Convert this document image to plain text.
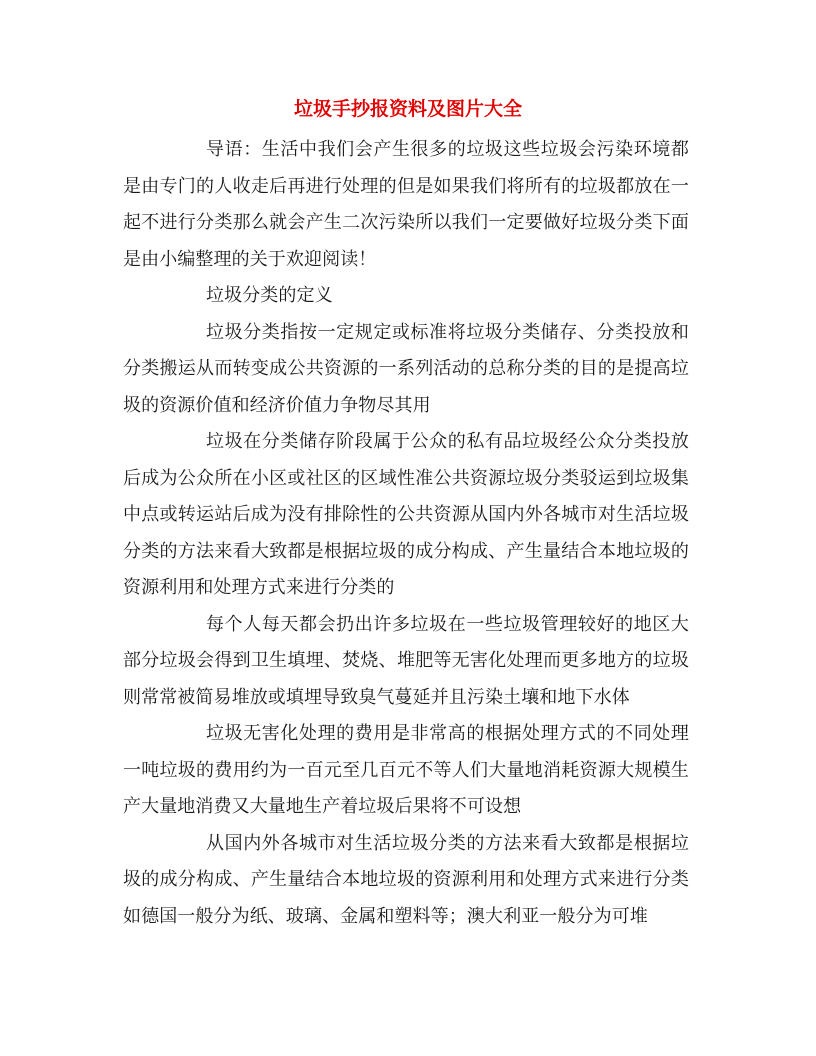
垃圾手抄报资料及图片大全

导语：生活中我们会产生很多的垃圾这些垃圾会污染环境都是由专门的人收走后再进行处理的但是如果我们将所有的垃圾都放在一起不进行分类那么就会产生二次污染所以我们一定要做好垃圾分类下面是由小编整理的关于欢迎阅读！

垃圾分类的定义

垃圾分类指按一定规定或标准将垃圾分类储存、分类投放和分类搬运从而转变成公共资源的一系列活动的总称分类的目的是提高垃圾的资源价值和经济价值力争物尽其用

垃圾在分类储存阶段属于公众的私有品垃圾经公众分类投放后成为公众所在小区或社区的区域性准公共资源垃圾分类驳运到垃圾集中点或转运站后成为没有排除性的公共资源从国内外各城市对生活垃圾分类的方法来看大致都是根据垃圾的成分构成、产生量结合本地垃圾的资源利用和处理方式来进行分类的

每个人每天都会扔出许多垃圾在一些垃圾管理较好的地区大部分垃圾会得到卫生填埋、焚烧、堆肥等无害化处理而更多地方的垃圾则常常被简易堆放或填埋导致臭气蔓延并且污染土壤和地下水体

垃圾无害化处理的费用是非常高的根据处理方式的不同处理一吨垃圾的费用约为一百元至几百元不等人们大量地消耗资源大规模生产大量地消费又大量地生产着垃圾后果将不可设想

从国内外各城市对生活垃圾分类的方法来看大致都是根据垃圾的成分构成、产生量结合本地垃圾的资源利用和处理方式来进行分类如德国一般分为纸、玻璃、金属和塑料等；澳大利亚一般分为可堆
